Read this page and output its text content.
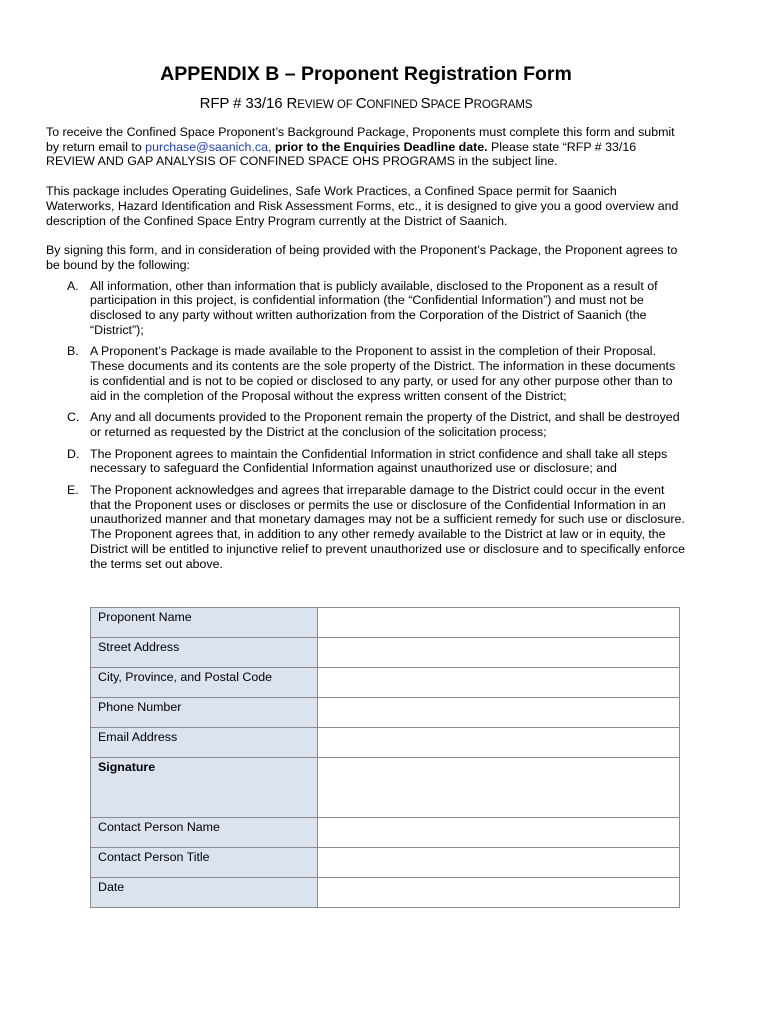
APPENDIX B – Proponent Registration Form
RFP # 33/16 REVIEW OF CONFINED SPACE PROGRAMS

To receive the Confined Space Proponent’s Background Package, Proponents must complete this form and submit by return email to purchase@saanich.ca, prior to the Enquiries Deadline date. Please state “RFP # 33/16 REVIEW AND GAP ANALYSIS OF CONFINED SPACE OHS PROGRAMS in the subject line.

This package includes Operating Guidelines, Safe Work Practices, a Confined Space permit for Saanich Waterworks, Hazard Identification and Risk Assessment Forms, etc., it is designed to give you a good overview and description of the Confined Space Entry Program currently at the District of Saanich.

By signing this form, and in consideration of being provided with the Proponent’s Package, the Proponent agrees to be bound by the following:

A. All information, other than information that is publicly available, disclosed to the Proponent as a result of participation in this project, is confidential information (the “Confidential Information”) and must not be disclosed to any party without written authorization from the Corporation of the District of Saanich (the “District”);
B. A Proponent’s Package is made available to the Proponent to assist in the completion of their Proposal. These documents and its contents are the sole property of the District. The information in these documents is confidential and is not to be copied or disclosed to any party, or used for any other purpose other than to aid in the completion of the Proposal without the express written consent of the District;
C. Any and all documents provided to the Proponent remain the property of the District, and shall be destroyed or returned as requested by the District at the conclusion of the solicitation process;
D. The Proponent agrees to maintain the Confidential Information in strict confidence and shall take all steps necessary to safeguard the Confidential Information against unauthorized use or disclosure; and
E. The Proponent acknowledges and agrees that irreparable damage to the District could occur in the event that the Proponent uses or discloses or permits the use or disclosure of the Confidential Information in an unauthorized manner and that monetary damages may not be a sufficient remedy for such use or disclosure. The Proponent agrees that, in addition to any other remedy available to the District at law or in equity, the District will be entitled to injunctive relief to prevent unauthorized use or disclosure and to specifically enforce the terms set out above.
Proponent Name	
Street Address	
City, Province, and Postal Code	
Phone Number	
Email Address	
Signature	
Contact Person Name	
Contact Person Title	
Date	
